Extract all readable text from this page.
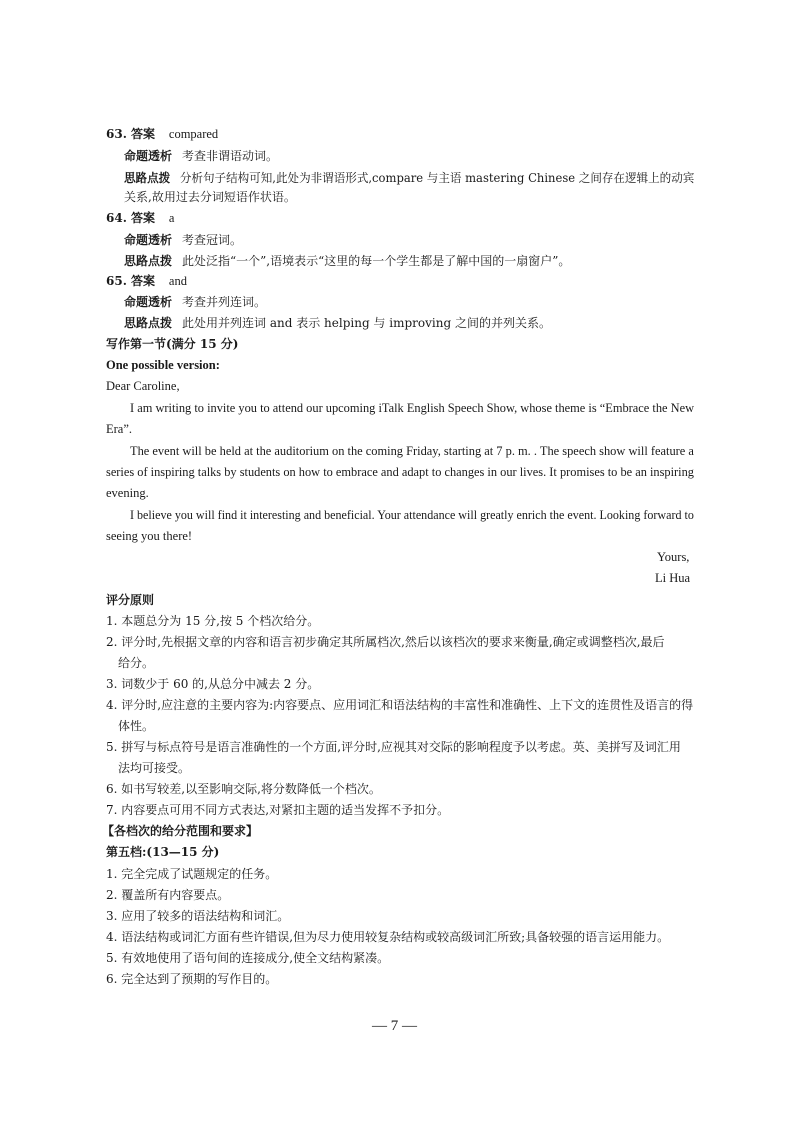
63. 答案 compared
命题透析 考查非谓语动词。
思路点拨 分析句子结构可知,此处为非谓语形式,compare 与主语 mastering Chinese 之间存在逻辑上的动宾
关系,故用过去分词短语作状语。
64. 答案 a
命题透析 考查冠词。
思路点拨 此处泛指“一个”,语境表示“这里的每一个学生都是了解中国的一扇窗户”。
65. 答案 and
命题透析 考查并列连词。
思路点拨 此处用并列连词 and 表示 helping 与 improving 之间的并列关系。
写作第一节(满分 15 分)
One possible version:
Dear Caroline,
I am writing to invite you to attend our upcoming iTalk English Speech Show, whose theme is “Embrace the New
Era”.
The event will be held at the auditorium on the coming Friday, starting at 7 p. m. . The speech show will feature a
series of inspiring talks by students on how to embrace and adapt to changes in our lives. It promises to be an inspiring
evening.
I believe you will find it interesting and beneficial. Your attendance will greatly enrich the event. Looking forward to
seeing you there!
Yours,
Li Hua
评分原则
1. 本题总分为 15 分,按 5 个档次给分。
2. 评分时,先根据文章的内容和语言初步确定其所属档次,然后以该档次的要求来衡量,确定或调整档次,最后
给分。
3. 词数少于 60 的,从总分中减去 2 分。
4. 评分时,应注意的主要内容为:内容要点、应用词汇和语法结构的丰富性和准确性、上下文的连贯性及语言的得
体性。
5. 拼写与标点符号是语言准确性的一个方面,评分时,应视其对交际的影响程度予以考虑。英、美拼写及词汇用
法均可接受。
6. 如书写较差,以至影响交际,将分数降低一个档次。
7. 内容要点可用不同方式表达,对紧扣主题的适当发挥不予扣分。
【各档次的给分范围和要求】
第五档:(13—15 分)
1. 完全完成了试题规定的任务。
2. 覆盖所有内容要点。
3. 应用了较多的语法结构和词汇。
4. 语法结构或词汇方面有些许错误,但为尽力使用较复杂结构或较高级词汇所致;具备较强的语言运用能力。
5. 有效地使用了语句间的连接成分,使全文结构紧凑。
6. 完全达到了预期的写作目的。
— 7 —
